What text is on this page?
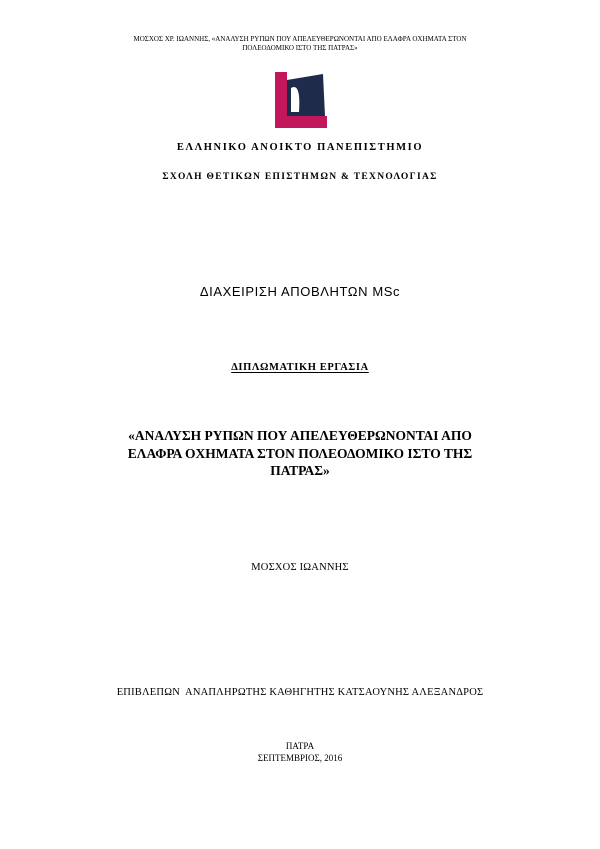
ΜΟΣΧΟΣ ΧΡ. ΙΩΑΝΝΗΣ, «ΑΝΑΛΥΣΗ ΡΥΠΩΝ ΠΟΥ ΑΠΕΛΕΥΘΕΡΩΝΟΝΤΑΙ ΑΠΟ ΕΛΑΦΡΑ ΟΧΗΜΑΤΑ ΣΤΟΝ
ΠΟΛΕΟΔΟΜΙΚΟ ΙΣΤΟ ΤΗΣ ΠΑΤΡΑΣ»
ΕΛΛΗΝΙΚΟ ΑΝΟΙΚΤΟ ΠΑΝΕΠΙΣΤΗΜΙΟ
ΣΧΟΛΗ ΘΕΤΙΚΩΝ ΕΠΙΣΤΗΜΩΝ & ΤΕΧΝΟΛΟΓΙΑΣ
ΔΙΑΧΕΙΡΙΣΗ ΑΠΟΒΛΗΤΩΝ MSc
ΔΙΠΛΩΜΑΤΙΚΗ ΕΡΓΑΣΙΑ
«ΑΝΑΛΥΣΗ ΡΥΠΩΝ ΠΟΥ ΑΠΕΛΕΥΘΕΡΩΝΟΝΤΑΙ ΑΠΟ
ΕΛΑΦΡΑ ΟΧΗΜΑΤΑ ΣΤΟΝ ΠΟΛΕΟΔΟΜΙΚΟ ΙΣΤΟ ΤΗΣ
ΠΑΤΡΑΣ»
ΜΟΣΧΟΣ ΙΩΑΝΝΗΣ
ΕΠΙΒΛΕΠΩΝ  ΑΝΑΠΛΗΡΩΤΗΣ ΚΑΘΗΓΗΤΗΣ ΚΑΤΣΑΟΥΝΗΣ ΑΛΕΞΑΝΔΡΟΣ
ΠΑΤΡΑ
ΣΕΠΤΕΜΒΡΙΟΣ, 2016
